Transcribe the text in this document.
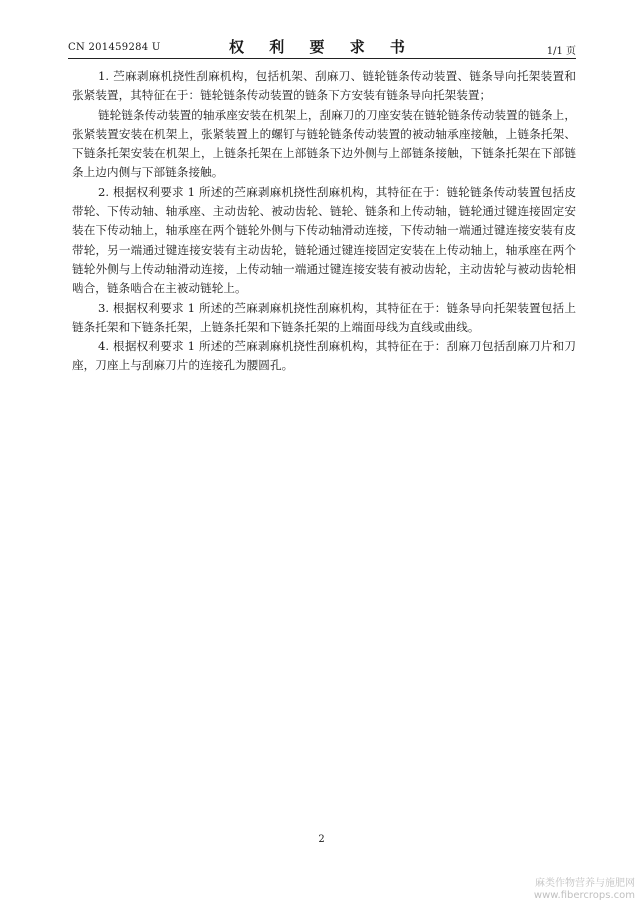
CN 201459284 U	权 利 要 求 书	1/1 页

1. 苎麻剥麻机挠性刮麻机构，包括机架、刮麻刀、链轮链条传动装置、链条导向托架装置和张紧装置，其特征在于：链轮链条传动装置的链条下方安装有链条导向托架装置；

链轮链条传动装置的轴承座安装在机架上，刮麻刀的刀座安装在链轮链条传动装置的链条上，张紧装置安装在机架上，张紧装置上的螺钉与链轮链条传动装置的被动轴承座接触，上链条托架、下链条托架安装在机架上，上链条托架在上部链条下边外侧与上部链条接触，下链条托架在下部链条上边内侧与下部链条接触。

2. 根据权利要求 1 所述的苎麻剥麻机挠性刮麻机构，其特征在于：链轮链条传动装置包括皮带轮、下传动轴、轴承座、主动齿轮、被动齿轮、链轮、链条和上传动轴，链轮通过键连接固定安装在下传动轴上，轴承座在两个链轮外侧与下传动轴滑动连接，下传动轴一端通过键连接安装有皮带轮，另一端通过键连接安装有主动齿轮，链轮通过键连接固定安装在上传动轴上，轴承座在两个链轮外侧与上传动轴滑动连接，上传动轴一端通过键连接安装有被动齿轮，主动齿轮与被动齿轮相啮合，链条啮合在主被动链轮上。

3. 根据权利要求 1 所述的苎麻剥麻机挠性刮麻机构，其特征在于：链条导向托架装置包括上链条托架和下链条托架，上链条托架和下链条托架的上端面母线为直线或曲线。

4. 根据权利要求 1 所述的苎麻剥麻机挠性刮麻机构，其特征在于：刮麻刀包括刮麻刀片和刀座，刀座上与刮麻刀片的连接孔为腰圆孔。

2
麻类作物营养与施肥网
www.fibercrops.com
